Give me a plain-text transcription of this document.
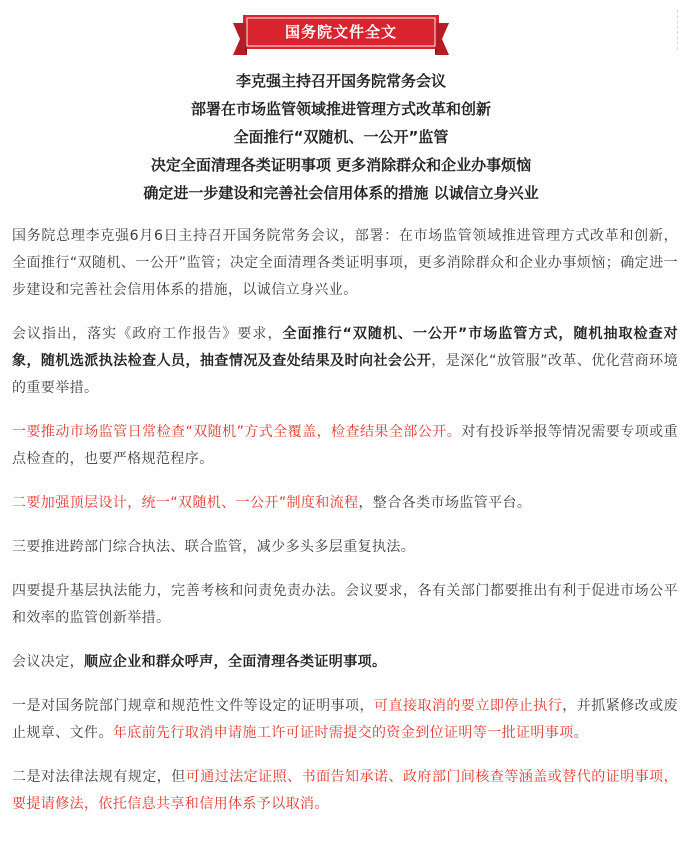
国务院文件全文
李克强主持召开国务院常务会议
部署在市场监管领域推进管理方式改革和创新
全面推行“双随机、一公开”监管
决定全面清理各类证明事项 更多消除群众和企业办事烦恼
确定进一步建设和完善社会信用体系的措施 以诚信立身兴业

国务院总理李克强6月6日主持召开国务院常务会议，部署：在市场监管领域推进管理方式改革和创新，全面推行“双随机、一公开”监管；决定全面清理各类证明事项，更多消除群众和企业办事烦恼；确定进一步建设和完善社会信用体系的措施，以诚信立身兴业。

会议指出，落实《政府工作报告》要求，全面推行“双随机、一公开”市场监管方式，随机抽取检查对象，随机选派执法检查人员，抽查情况及查处结果及时向社会公开，是深化“放管服”改革、优化营商环境的重要举措。

一要推动市场监管日常检查“双随机”方式全覆盖，检查结果全部公开。对有投诉举报等情况需要专项或重点检查的，也要严格规范程序。

二要加强顶层设计，统一“双随机、一公开”制度和流程，整合各类市场监管平台。

三要推进跨部门综合执法、联合监管，减少多头多层重复执法。

四要提升基层执法能力，完善考核和问责免责办法。会议要求，各有关部门都要推出有利于促进市场公平和效率的监管创新举措。

会议决定，顺应企业和群众呼声，全面清理各类证明事项。

一是对国务院部门规章和规范性文件等设定的证明事项，可直接取消的要立即停止执行，并抓紧修改或废止规章、文件。年底前先行取消申请施工许可证时需提交的资金到位证明等一批证明事项。

二是对法律法规有规定，但可通过法定证照、书面告知承诺、政府部门间核查等涵盖或替代的证明事项，要提请修法，依托信息共享和信用体系予以取消。
